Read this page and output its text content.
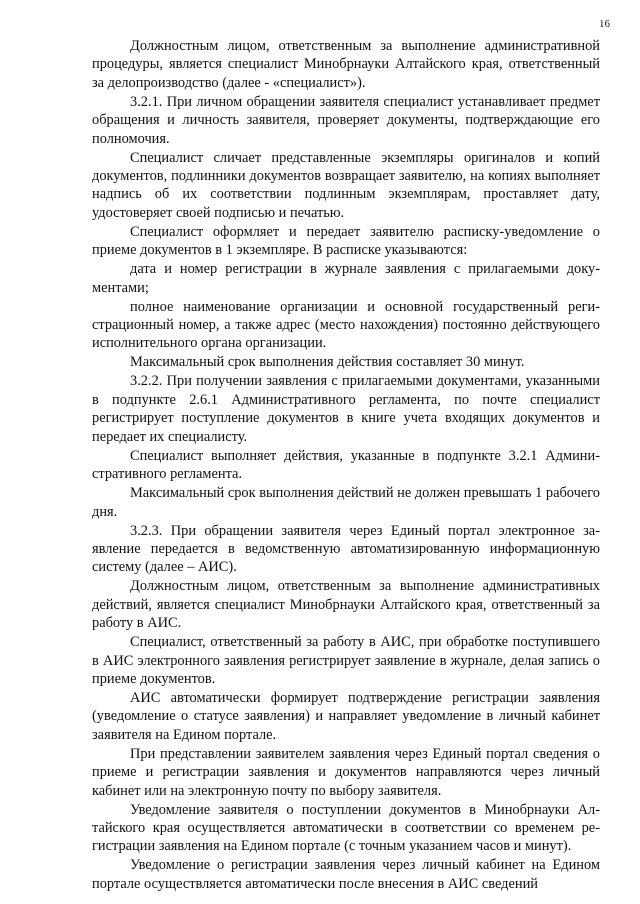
16

Должностным лицом, ответственным за выполнение административной процедуры, является специалист Минобрнауки Алтайского края, ответственный за делопроизводство (далее - «специалист»).

3.2.1. При личном обращении заявителя специалист устанавливает предмет обращения и личность заявителя, проверяет документы, подтверждающие его полномочия.

Специалист сличает представленные экземпляры оригиналов и копий документов, подлинники документов возвращает заявителю, на копиях выполняет надпись об их соответствии подлинным экземплярам, проставляет дату, удостоверяет своей подписью и печатью.

Специалист оформляет и передает заявителю расписку-уведомление о приеме документов в 1 экземпляре. В расписке указываются:

дата и номер регистрации в журнале заявления с прилагаемыми документами;

полное наименование организации и основной государственный регистрационный номер, а также адрес (место нахождения) постоянно действующего исполнительного органа организации.

Максимальный срок выполнения действия составляет 30 минут.

3.2.2. При получении заявления с прилагаемыми документами, указанными в подпункте 2.6.1 Административного регламента, по почте специалист регистрирует поступление документов в книге учета входящих документов и передает их специалисту.

Специалист выполняет действия, указанные в подпункте 3.2.1 Административного регламента.

Максимальный срок выполнения действий не должен превышать 1 рабочего дня.

3.2.3. При обращении заявителя через Единый портал электронное заявление передается в ведомственную автоматизированную информационную систему (далее – АИС).

Должностным лицом, ответственным за выполнение административных действий, является специалист Минобрнауки Алтайского края, ответственный за работу в АИС.

Специалист, ответственный за работу в АИС, при обработке поступившего в АИС электронного заявления регистрирует заявление в журнале, делая запись о приеме документов.

АИС автоматически формирует подтверждение регистрации заявления (уведомление о статусе заявления) и направляет уведомление в личный кабинет заявителя на Едином портале.

При представлении заявителем заявления через Единый портал сведения о приеме и регистрации заявления и документов направляются через личный кабинет или на электронную почту по выбору заявителя.

Уведомление заявителя о поступлении документов в Минобрнауки Алтайского края осуществляется автоматически в соответствии со временем регистрации заявления на Едином портале (с точным указанием часов и минут).

Уведомление о регистрации заявления через личный кабинет на Едином портале осуществляется автоматически после внесения в АИС сведений
